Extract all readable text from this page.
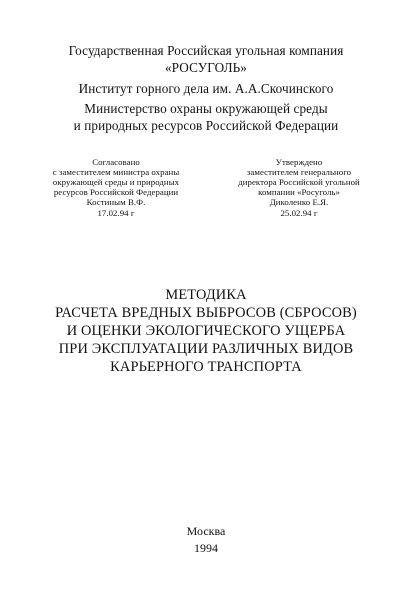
Государственная Российская угольная компания
«РОСУГОЛЬ»
Институт горного дела им. А.А.Скочинского
Министерство охраны окружающей среды
и природных ресурсов Российской Федерации
Согласовано
с заместителем министра охраны
окружающей среды и природных
ресурсов Российской Федерации
Костиным В.Ф.
17.02.94 г
Утверждено
заместителем генерального
директора Российской угольной
компании «Росуголь»
Диколенко Е.Я.
25.02.94 г
МЕТОДИКА
РАСЧЕТА ВРЕДНЫХ ВЫБРОСОВ (СБРОСОВ)
И ОЦЕНКИ ЭКОЛОГИЧЕСКОГО УЩЕРБА
ПРИ ЭКСПЛУАТАЦИИ РАЗЛИЧНЫХ ВИДОВ
КАРЬЕРНОГО ТРАНСПОРТА
Москва
1994
